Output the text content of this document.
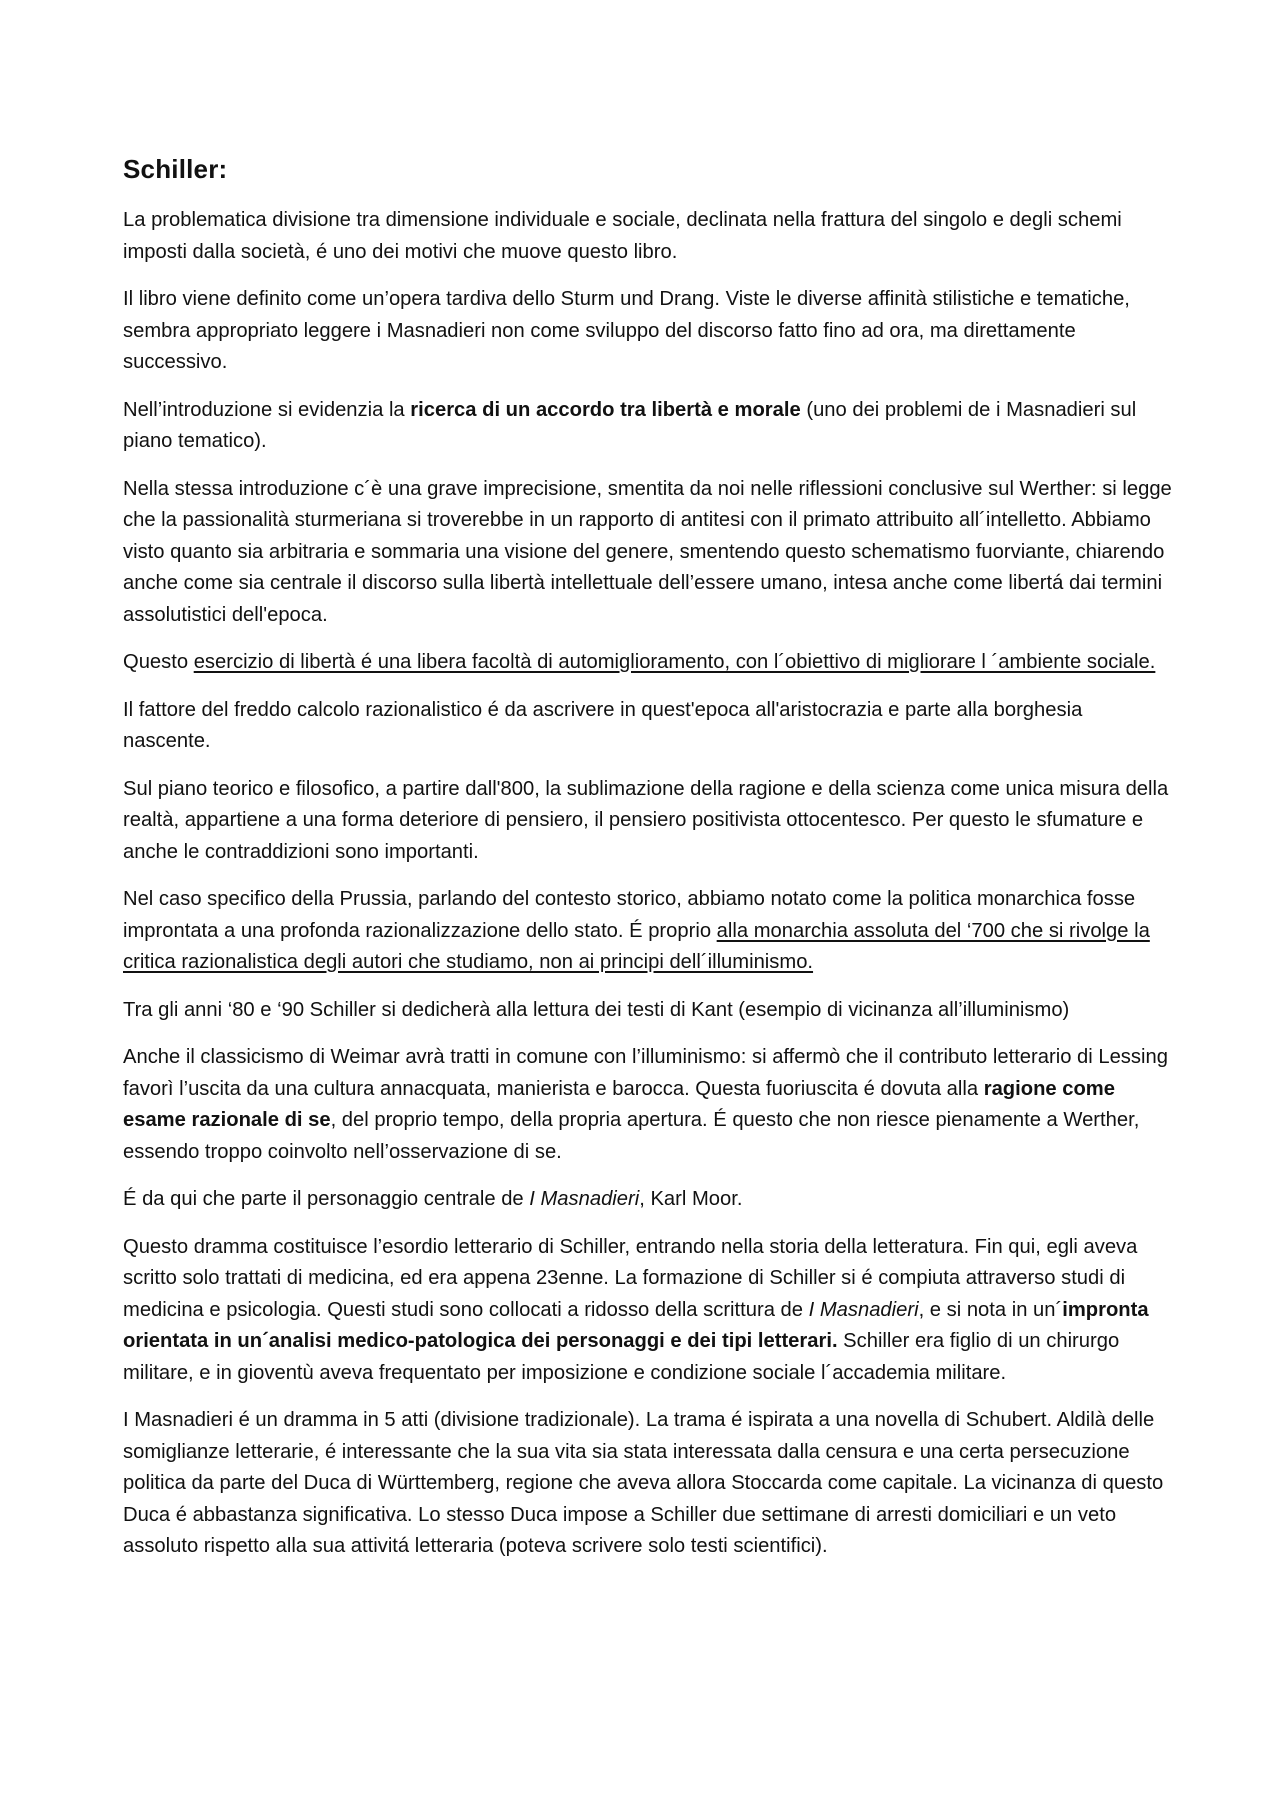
Schiller:

La problematica divisione tra dimensione individuale e sociale, declinata nella frattura del singolo e degli schemi imposti dalla società, é uno dei motivi che muove questo libro.

Il libro viene definito come un’opera tardiva dello Sturm und Drang. Viste le diverse affinità stilistiche e tematiche, sembra appropriato leggere i Masnadieri non come sviluppo del discorso fatto fino ad ora, ma direttamente successivo.

Nell’introduzione si evidenzia la ricerca di un accordo tra libertà e morale (uno dei problemi de i Masnadieri sul piano tematico).

Nella stessa introduzione c´è una grave imprecisione, smentita da noi nelle riflessioni conclusive sul Werther: si legge che la passionalità sturmeriana si troverebbe in un rapporto di antitesi con il primato attribuito all´intelletto. Abbiamo visto quanto sia arbitraria e sommaria una visione del genere, smentendo questo schematismo fuorviante, chiarendo anche come sia centrale il discorso sulla libertà intellettuale dell’essere umano, intesa anche come libertá dai termini assolutistici dell'epoca.

Questo esercizio di libertà é una libera facoltà di automiglioramento, con l´obiettivo di migliorare l ´ambiente sociale.

Il fattore del freddo calcolo razionalistico é da ascrivere in quest'epoca all'aristocrazia e parte alla borghesia nascente.

Sul piano teorico e filosofico, a partire dall'800, la sublimazione della ragione e della scienza come unica misura della realtà, appartiene a una forma deteriore di pensiero, il pensiero positivista ottocentesco. Per questo le sfumature e anche le contraddizioni sono importanti.

Nel caso specifico della Prussia, parlando del contesto storico, abbiamo notato come la politica monarchica fosse improntata a una profonda razionalizzazione dello stato. É proprio alla monarchia assoluta del ‘700 che si rivolge la critica razionalistica degli autori che studiamo, non ai principi dell´illuminismo.

Tra gli anni ‘80 e ‘90 Schiller si dedicherà alla lettura dei testi di Kant (esempio di vicinanza all’illuminismo)

Anche il classicismo di Weimar avrà tratti in comune con l’illuminismo: si affermò che il contributo letterario di Lessing favorì l’uscita da una cultura annacquata, manierista e barocca. Questa fuoriuscita é dovuta alla ragione come esame razionale di se, del proprio tempo, della propria apertura. É questo che non riesce pienamente a Werther, essendo troppo coinvolto nell’osservazione di se.

É da qui che parte il personaggio centrale de I Masnadieri, Karl Moor.

Questo dramma costituisce l’esordio letterario di Schiller, entrando nella storia della letteratura. Fin qui, egli aveva scritto solo trattati di medicina, ed era appena 23enne. La formazione di Schiller si é compiuta attraverso studi di medicina e psicologia. Questi studi sono collocati a ridosso della scrittura de I Masnadieri, e si nota in un´impronta orientata in un´analisi medico-patologica dei personaggi e dei tipi letterari. Schiller era figlio di un chirurgo militare, e in gioventù aveva frequentato per imposizione e condizione sociale l´accademia militare.

I Masnadieri é un dramma in 5 atti (divisione tradizionale). La trama é ispirata a una novella di Schubert. Aldilà delle somiglianze letterarie, é interessante che la sua vita sia stata interessata dalla censura e una certa persecuzione politica da parte del Duca di Württemberg, regione che aveva allora Stoccarda come capitale. La vicinanza di questo Duca é abbastanza significativa. Lo stesso Duca impose a Schiller due settimane di arresti domiciliari e un veto assoluto rispetto alla sua attivitá letteraria (poteva scrivere solo testi scientifici).
